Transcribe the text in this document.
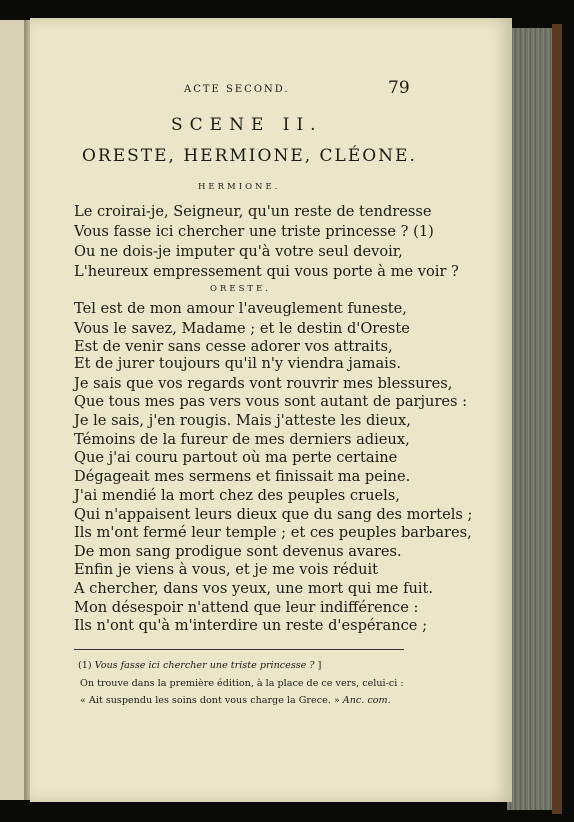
ACTE SECOND.	79
SCENE II.
ORESTE, HERMIONE, CLÉONE.
HERMIONE.
Le croirai-je, Seigneur, qu'un reste de tendresse
Vous fasse ici chercher une triste princesse ? (1)
Ou ne dois-je imputer qu'à votre seul devoir,
L'heureux empressement qui vous porte à me voir ?
ORESTE.
Tel est de mon amour l'aveuglement funeste,
Vous le savez, Madame ; et le destin d'Oreste
Est de venir sans cesse adorer vos attraits,
Et de jurer toujours qu'il n'y viendra jamais.
Je sais que vos regards vont rouvrir mes blessures,
Que tous mes pas vers vous sont autant de parjures :
Je le sais, j'en rougis. Mais j'atteste les dieux,
Témoins de la fureur de mes derniers adieux,
Que j'ai couru partout où ma perte certaine
Dégageait mes sermens et finissait ma peine.
J'ai mendié la mort chez des peuples cruels,
Qui n'appaisent leurs dieux que du sang des mortels ;
Ils m'ont fermé leur temple ; et ces peuples barbares,
De mon sang prodigue sont devenus avares.
Enfin je viens à vous, et je me vois réduit
A chercher, dans vos yeux, une mort qui me fuit.
Mon désespoir n'attend que leur indifférence :
Ils n'ont qu'à m'interdire un reste d'espérance ;
(1) Vous fasse ici chercher une triste princesse ? ]
On trouve dans la première édition, à la place de ce vers, celui-ci :
« Ait suspendu les soins dont vous charge la Grece. » Anc. com.
